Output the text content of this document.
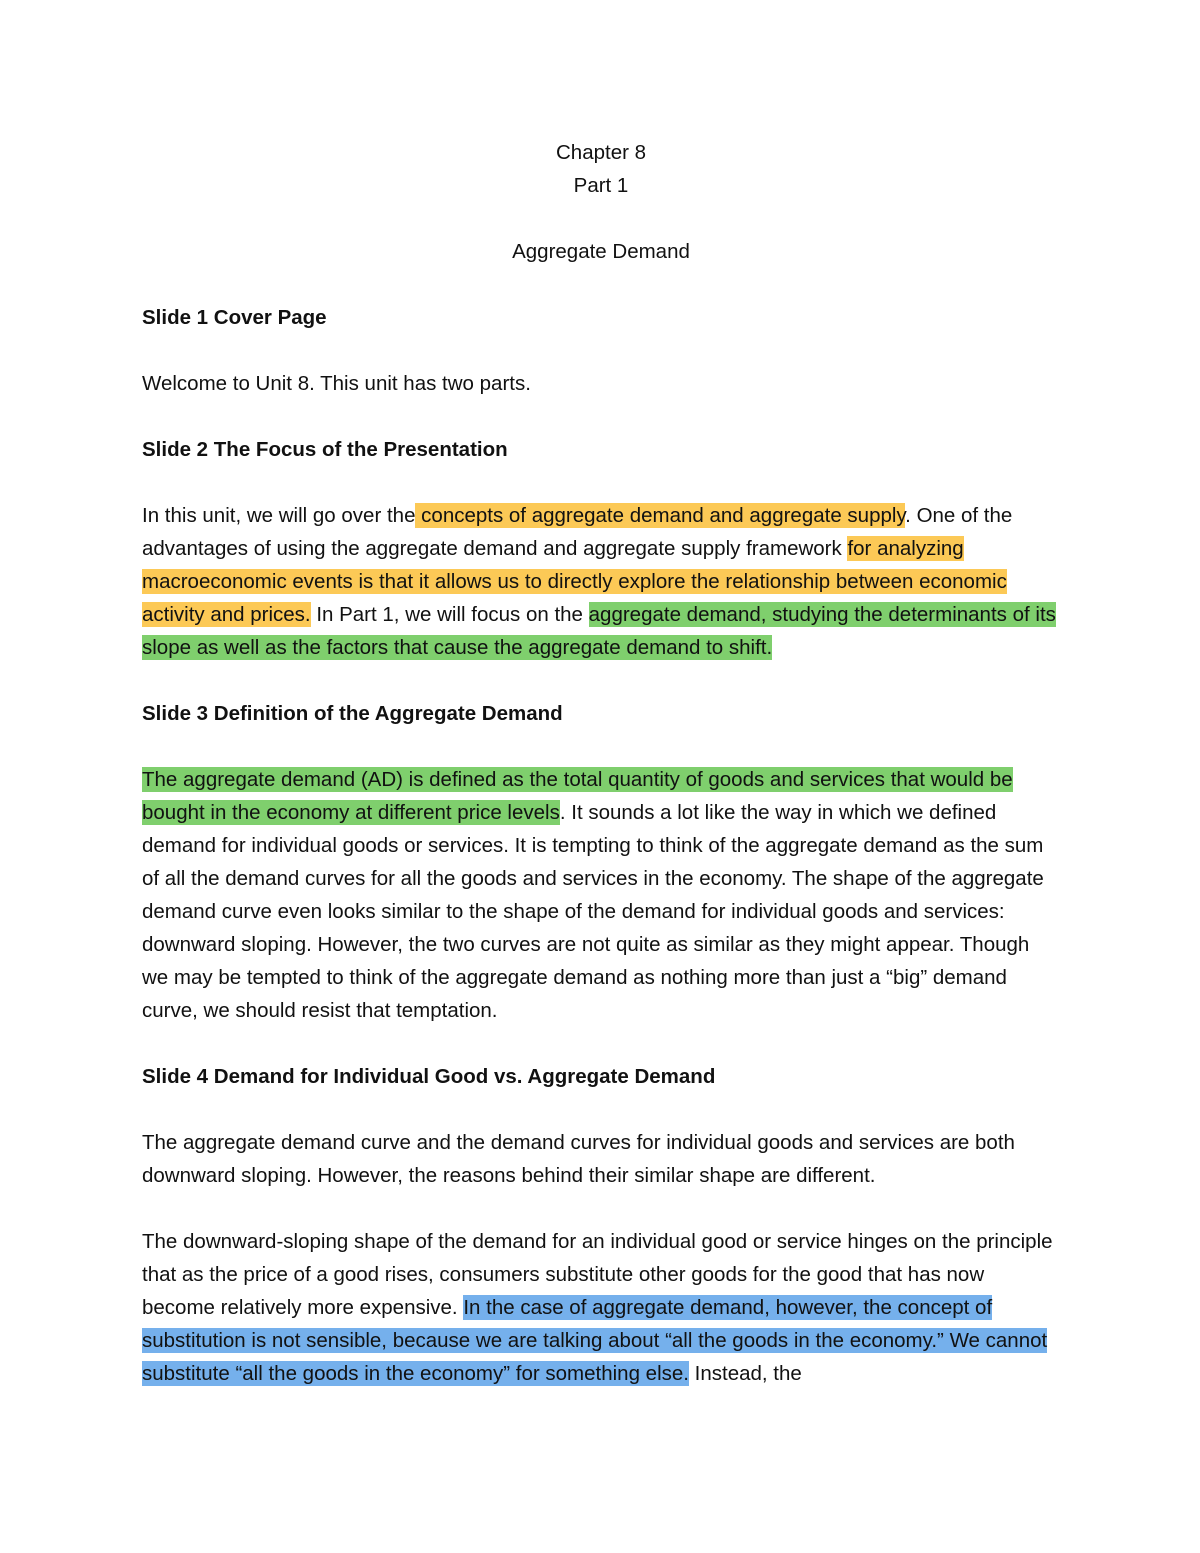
Chapter 8

Part 1

Aggregate Demand

Slide 1 Cover Page

Welcome to Unit 8. This unit has two parts.

Slide 2 The Focus of the Presentation

In this unit, we will go over the concepts of aggregate demand and aggregate supply. One of the advantages of using the aggregate demand and aggregate supply framework for analyzing macroeconomic events is that it allows us to directly explore the relationship between economic activity and prices. In Part 1, we will focus on the aggregate demand, studying the determinants of its slope as well as the factors that cause the aggregate demand to shift.

Slide 3 Definition of the Aggregate Demand

The aggregate demand (AD) is defined as the total quantity of goods and services that would be bought in the economy at different price levels. It sounds a lot like the way in which we defined demand for individual goods or services. It is tempting to think of the aggregate demand as the sum of all the demand curves for all the goods and services in the economy. The shape of the aggregate demand curve even looks similar to the shape of the demand for individual goods and services: downward sloping. However, the two curves are not quite as similar as they might appear. Though we may be tempted to think of the aggregate demand as nothing more than just a “big” demand curve, we should resist that temptation.

Slide 4 Demand for Individual Good vs. Aggregate Demand

The aggregate demand curve and the demand curves for individual goods and services are both downward sloping. However, the reasons behind their similar shape are different.

The downward-sloping shape of the demand for an individual good or service hinges on the principle that as the price of a good rises, consumers substitute other goods for the good that has now become relatively more expensive. In the case of aggregate demand, however, the concept of substitution is not sensible, because we are talking about “all the goods in the economy.” We cannot substitute “all the goods in the economy” for something else. Instead, the
